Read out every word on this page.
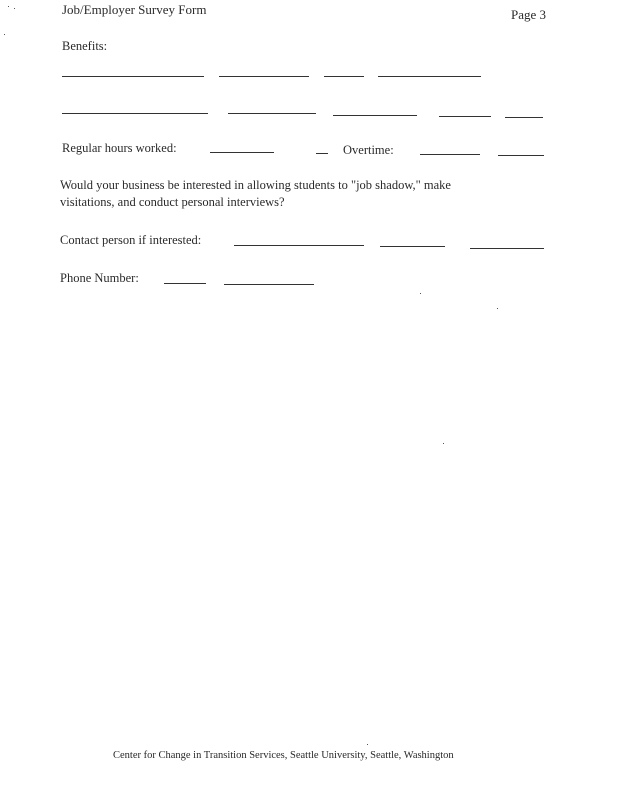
Job/Employer Survey Form	Page 3
Benefits:
Regular hours worked:	Overtime:
Would your business be interested in allowing students to "job shadow," make
visitations, and conduct personal interviews?
Contact person if interested:
Phone Number:
Center for Change in Transition Services, Seattle University, Seattle, Washington
